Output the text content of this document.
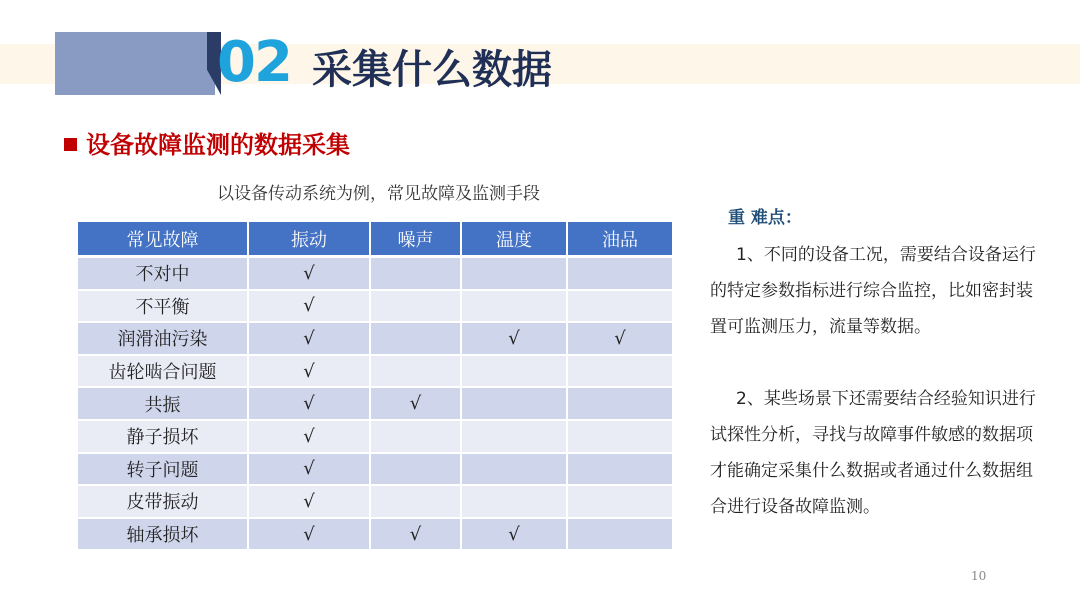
02 采集什么数据
设备故障监测的数据采集
以设备传动系统为例，常见故障及监测手段
常见故障	振动	噪声	温度	油品
不对中	√			
不平衡	√			
润滑油污染	√		√	√
齿轮啮合问题	√			
共振	√	√		
静子损坏	√			
转子问题	√			
皮带振动	√			
轴承损坏	√	√	√	
重 难点：
1、不同的设备工况，需要结合设备运行的特定参数指标进行综合监控，比如密封装置可监测压力，流量等数据。
2、某些场景下还需要结合经验知识进行试探性分析，寻找与故障事件敏感的数据项才能确定采集什么数据或者通过什么数据组合进行设备故障监测。
10
